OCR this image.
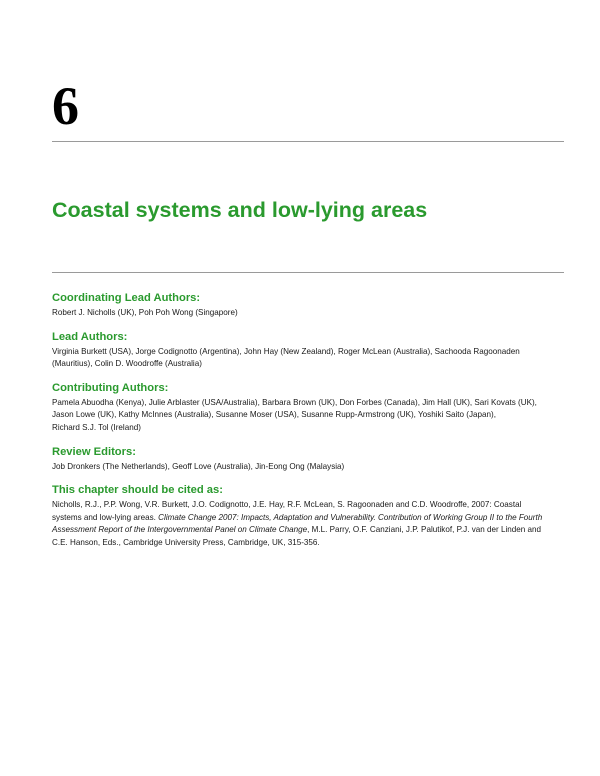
6
Coastal systems and low-lying areas
Coordinating Lead Authors:

Robert J. Nicholls (UK), Poh Poh Wong (Singapore)

Lead Authors:

Virginia Burkett (USA), Jorge Codignotto (Argentina), John Hay (New Zealand), Roger McLean (Australia), Sachooda Ragoonaden
(Mauritius), Colin D. Woodroffe (Australia)

Contributing Authors:

Pamela Abuodha (Kenya), Julie Arblaster (USA/Australia), Barbara Brown (UK), Don Forbes (Canada), Jim Hall (UK), Sari Kovats (UK),
Jason Lowe (UK), Kathy McInnes (Australia), Susanne Moser (USA), Susanne Rupp-Armstrong (UK), Yoshiki Saito (Japan),
Richard S.J. Tol (Ireland)

Review Editors:

Job Dronkers (The Netherlands), Geoff Love (Australia), Jin-Eong Ong (Malaysia)

This chapter should be cited as:

Nicholls, R.J., P.P. Wong, V.R. Burkett, J.O. Codignotto, J.E. Hay, R.F. McLean, S. Ragoonaden and C.D. Woodroffe, 2007: Coastal
systems and low-lying areas. Climate Change 2007: Impacts, Adaptation and Vulnerability. Contribution of Working Group II to the Fourth
Assessment Report of the Intergovernmental Panel on Climate Change, M.L. Parry, O.F. Canziani, J.P. Palutikof, P.J. van der Linden and
C.E. Hanson, Eds., Cambridge University Press, Cambridge, UK, 315-356.
